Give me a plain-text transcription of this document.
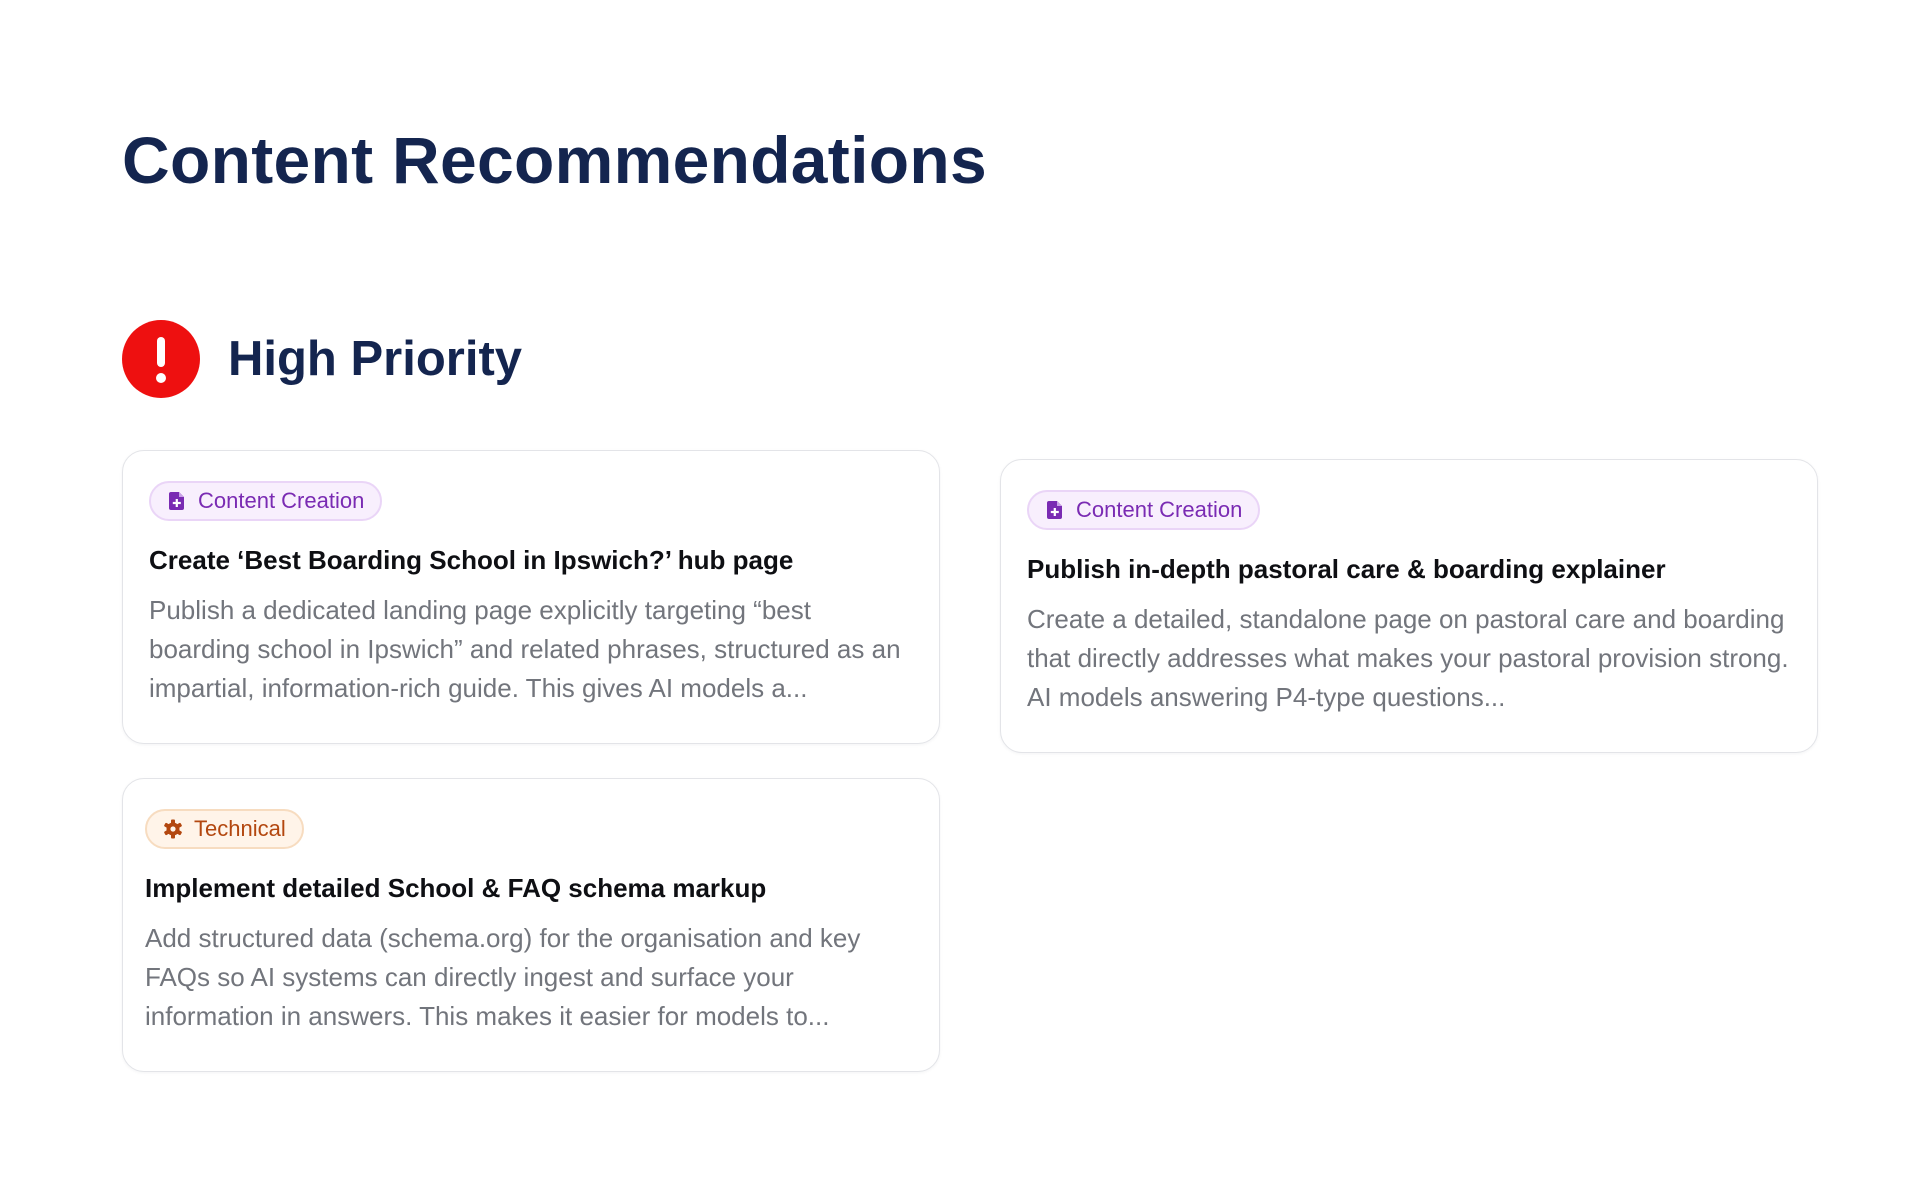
Content Recommendations
High Priority
Content Creation
Create ‘Best Boarding School in Ipswich?’ hub page
Publish a dedicated landing page explicitly targeting “best boarding school in Ipswich” and related phrases, structured as an impartial, information-rich guide. This gives AI models a...
Content Creation
Publish in-depth pastoral care & boarding explainer
Create a detailed, standalone page on pastoral care and boarding that directly addresses what makes your pastoral provision strong. AI models answering P4-type questions...
Technical
Implement detailed School & FAQ schema markup
Add structured data (schema.org) for the organisation and key FAQs so AI systems can directly ingest and surface your information in answers. This makes it easier for models to...
